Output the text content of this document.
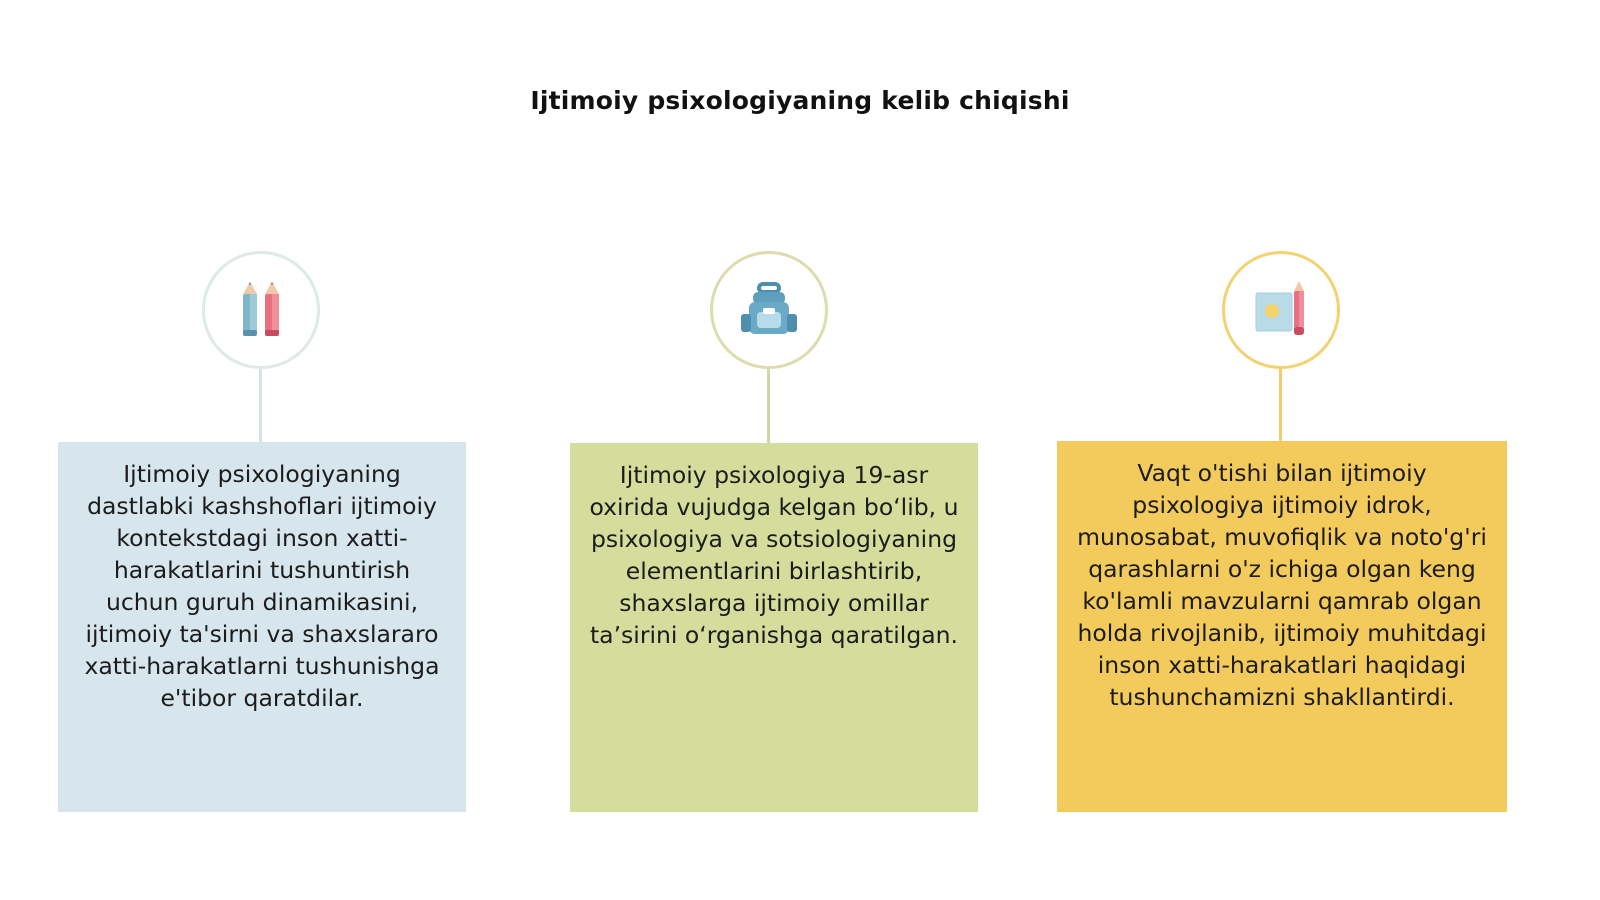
Ijtimoiy psixologiyaning kelib chiqishi
Ijtimoiy psixologiyaning dastlabki kashshoflari ijtimoiy kontekstdagi inson xatti-harakatlarini tushuntirish uchun guruh dinamikasini, ijtimoiy ta'sirni va shaxslararo xatti-harakatlarni tushunishga e'tibor qaratdilar.
Ijtimoiy psixologiya 19-asr oxirida vujudga kelgan boʻlib, u psixologiya va sotsiologiyaning elementlarini birlashtirib, shaxslarga ijtimoiy omillar taʼsirini oʻrganishga qaratilgan.
Vaqt o'tishi bilan ijtimoiy psixologiya ijtimoiy idrok, munosabat, muvofiqlik va noto'g'ri qarashlarni o'z ichiga olgan keng ko'lamli mavzularni qamrab olgan holda rivojlanib, ijtimoiy muhitdagi inson xatti-harakatlari haqidagi tushunchamizni shakllantirdi.
